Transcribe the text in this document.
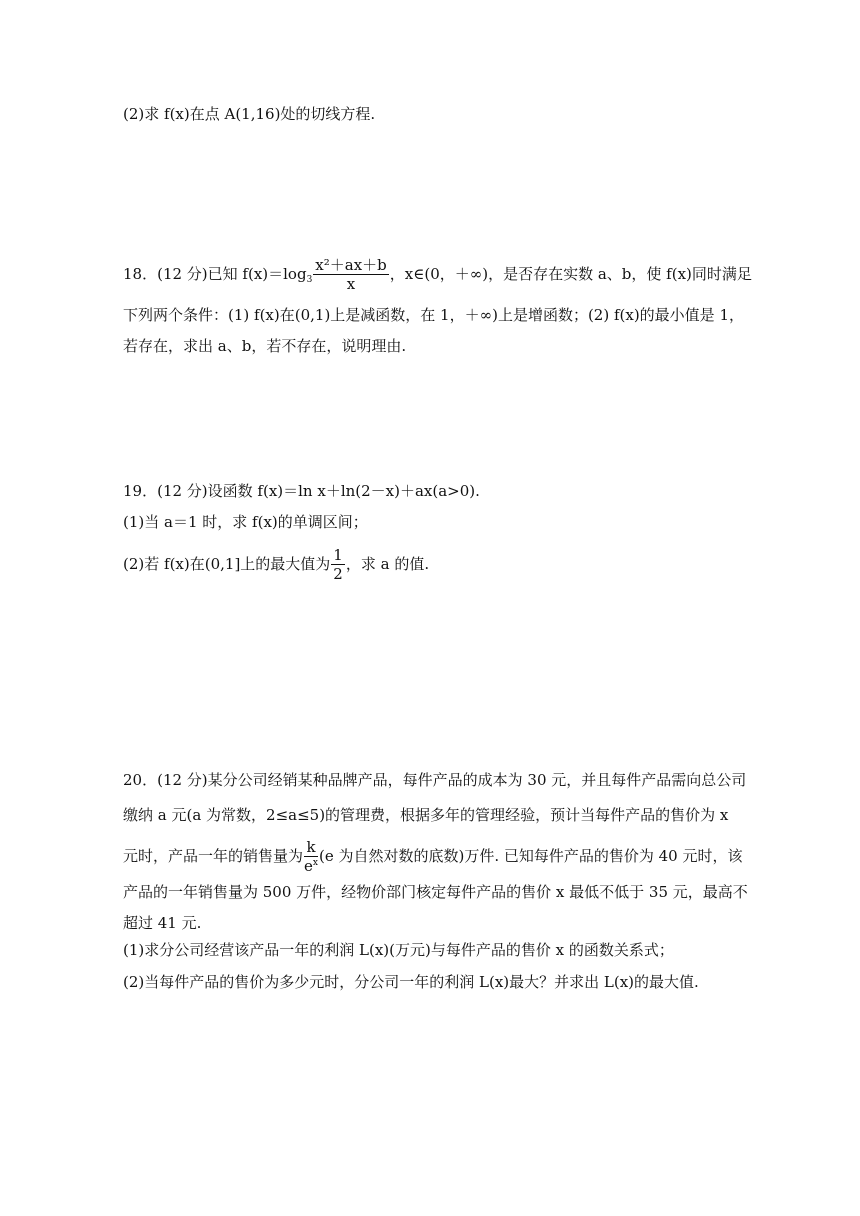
(2)求 f(x)在点 A(1,16)处的切线方程.
18．(12 分)已知 $f(x)=\log_3 \frac{\text{x²＋ax＋b}}{x}$ ，x∈(0，＋∞)，是否存在实数 a、b，使 f(x)同时满足
下列两个条件：(1) f(x)在(0,1)上是减函数，在 1，＋∞)上是增函数；(2) f(x)的最小值是 1，
若存在，求出 a、b，若不存在，说明理由.
19．(12 分)设函数 f(x)＝ln x＋ln(2－x)＋ax(a>0).
(1)当 a＝1 时，求 f(x)的单调区间；
(2)若 f(x)在(0,1]上的最大值为 $\frac{1}{2}$ ，求 a 的值.
20．(12 分)某分公司经销某种品牌产品，每件产品的成本为 30 元，并且每件产品需向总公司
缴纳 a 元(a 为常数，2≤a≤5)的管理费，根据多年的管理经验，预计当每件产品的售价为 x
元时，产品一年的销售量为 $\frac{k}{e^x} (e$ 为自然对数的底数)万件. 已知每件产品的售价为 40 元时，该
产品的一年销售量为 500 万件，经物价部门核定每件产品的售价 x 最低不低于 35 元，最高不
超过 41 元.
(1)求分公司经营该产品一年的利润 L(x)(万元)与每件产品的售价 x 的函数关系式；
(2)当每件产品的售价为多少元时，分公司一年的利润 L(x)最大？并求出 L(x)的最大值.
